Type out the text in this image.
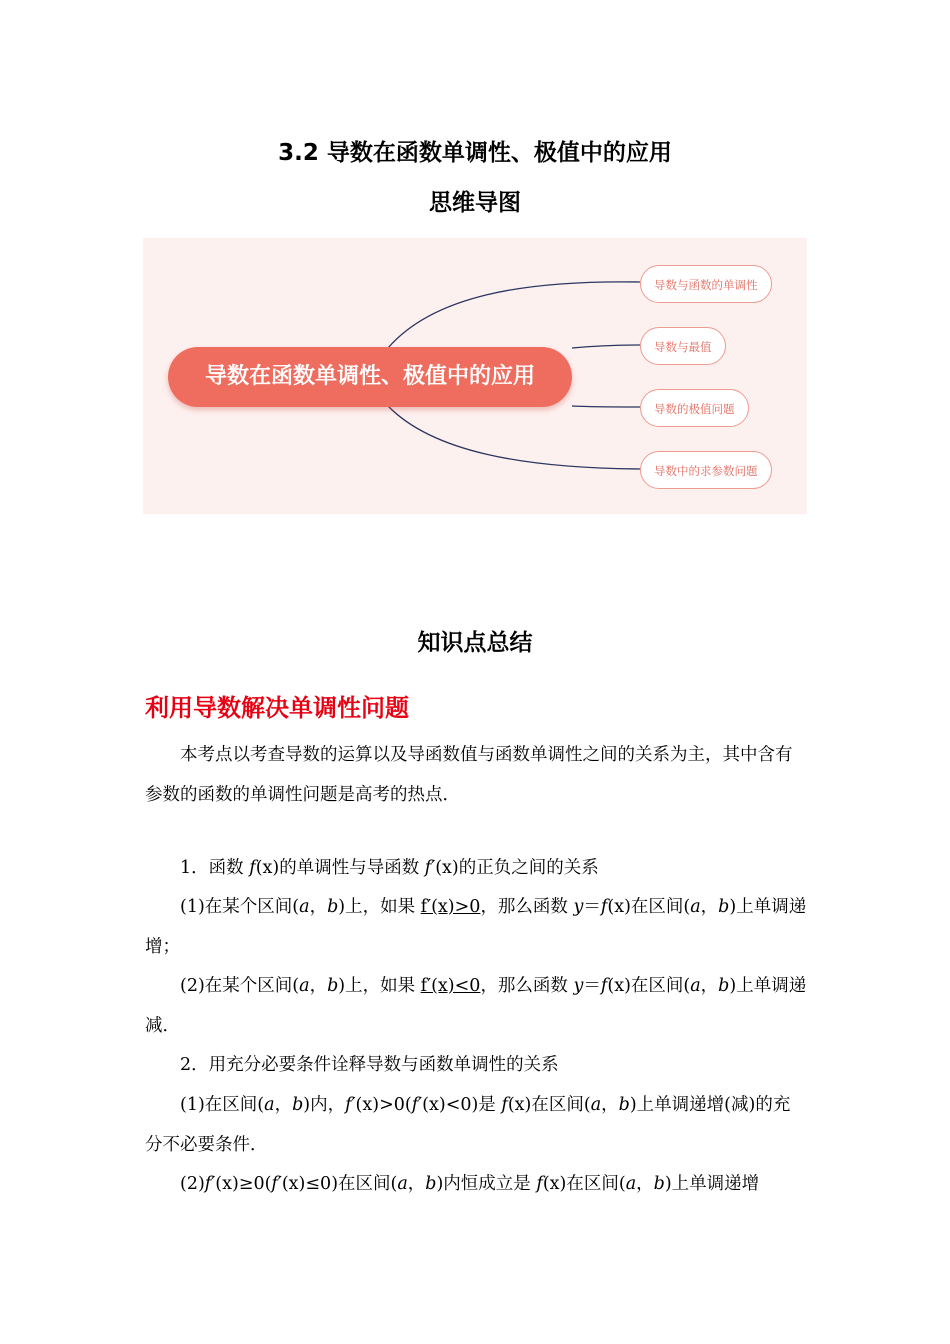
3.2 导数在函数单调性、极值中的应用
思维导图
导数在函数单调性、极值中的应用
导数与函数的单调性
导数与最值
导数的极值问题
导数中的求参数问题
知识点总结
利用导数解决单调性问题
本考点以考查导数的运算以及导函数值与函数单调性之间的关系为主，其中含有参数的函数的单调性问题是高考的热点．
1．函数 f(x)的单调性与导函数 f′(x)的正负之间的关系
(1)在某个区间(a，b)上，如果 f′(x)>0，那么函数 y＝f(x)在区间(a，b)上单调递增；
(2)在某个区间(a，b)上，如果 f′(x)<0，那么函数 y＝f(x)在区间(a，b)上单调递减．
2．用充分必要条件诠释导数与函数单调性的关系
(1)在区间(a，b)内，f′(x)>0(f′(x)<0)是 f(x)在区间(a，b)上单调递增(减)的充分不必要条件．
(2)f′(x)≥0(f′(x)≤0)在区间(a，b)内恒成立是 f(x)在区间(a，b)上单调递增
